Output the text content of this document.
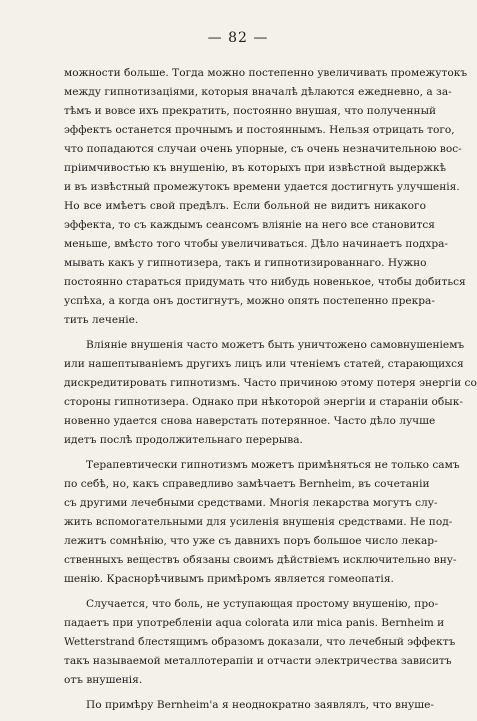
— 82 —
можности больше. Тогда можно постепенно увеличивать промежутокъ
между гипнотизаціями, которыя вначалѣ дѣлаются ежедневно, а за-
тѣмъ и вовсе ихъ прекратить, постоянно внушая, что полученный
эффектъ останется прочнымъ и постояннымъ. Нельзя отрицать того,
что попадаются случаи очень упорные, съ очень незначительною вос-
пріимчивостью къ внушенію, въ которыхъ при извѣстной выдержкѣ
и въ извѣстный промежутокъ времени удается достигнуть улучшенія.
Но все имѣетъ свой предѣлъ. Если больной не видитъ никакого
эффекта, то съ каждымъ сеансомъ вліяніе на него все становится
меньше, вмѣсто того чтобы увеличиваться. Дѣло начинаетъ подхра-
мывать какъ у гипнотизера, такъ и гипнотизированнаго. Нужно
постоянно стараться придумать что нибудь новенькое, чтобы добиться
успѣха, а когда онъ достигнутъ, можно опять постепенно прекра-
тить леченіе.
Вліяніе внушенія часто можетъ быть уничтожено самовнушеніемъ
или нашептываніемъ другихъ лицъ или чтеніемъ статей, старающихся
дискредитировать гипнотизмъ. Часто причиною этому потеря энергіи со
стороны гипнотизера. Однако при нѣкоторой энергіи и стараніи обык-
новенно удается снова наверстать потерянное. Часто дѣло лучше
идетъ послѣ продолжительнаго перерыва.
Терапевтически гипнотизмъ можетъ примѣняться не только самъ
по себѣ, но, какъ справедливо замѣчаетъ Bernheim, въ сочетаніи
съ другими лечебными средствами. Многія лекарства могутъ слу-
жить вспомогательными для усиленія внушенія средствами. Не под-
лежитъ сомнѣнію, что уже съ давнихъ поръ большое число лекар-
ственныхъ веществъ обязаны своимъ дѣйствіемъ исключительно вну-
шенію. Краснорѣчивымъ примѣромъ является гомеопатія.
Случается, что боль, не уступающая простому внушенію, про-
падаетъ при употребленіи aqua colorata или mica panis. Bernheim и
Wetterstrand блестящимъ образомъ доказали, что лечебный эффектъ
такъ называемой металлотерапіи и отчасти электричества зависитъ
отъ внушенія.
По примѣру Bernheim'а я неоднократно заявлялъ, что внуше-
